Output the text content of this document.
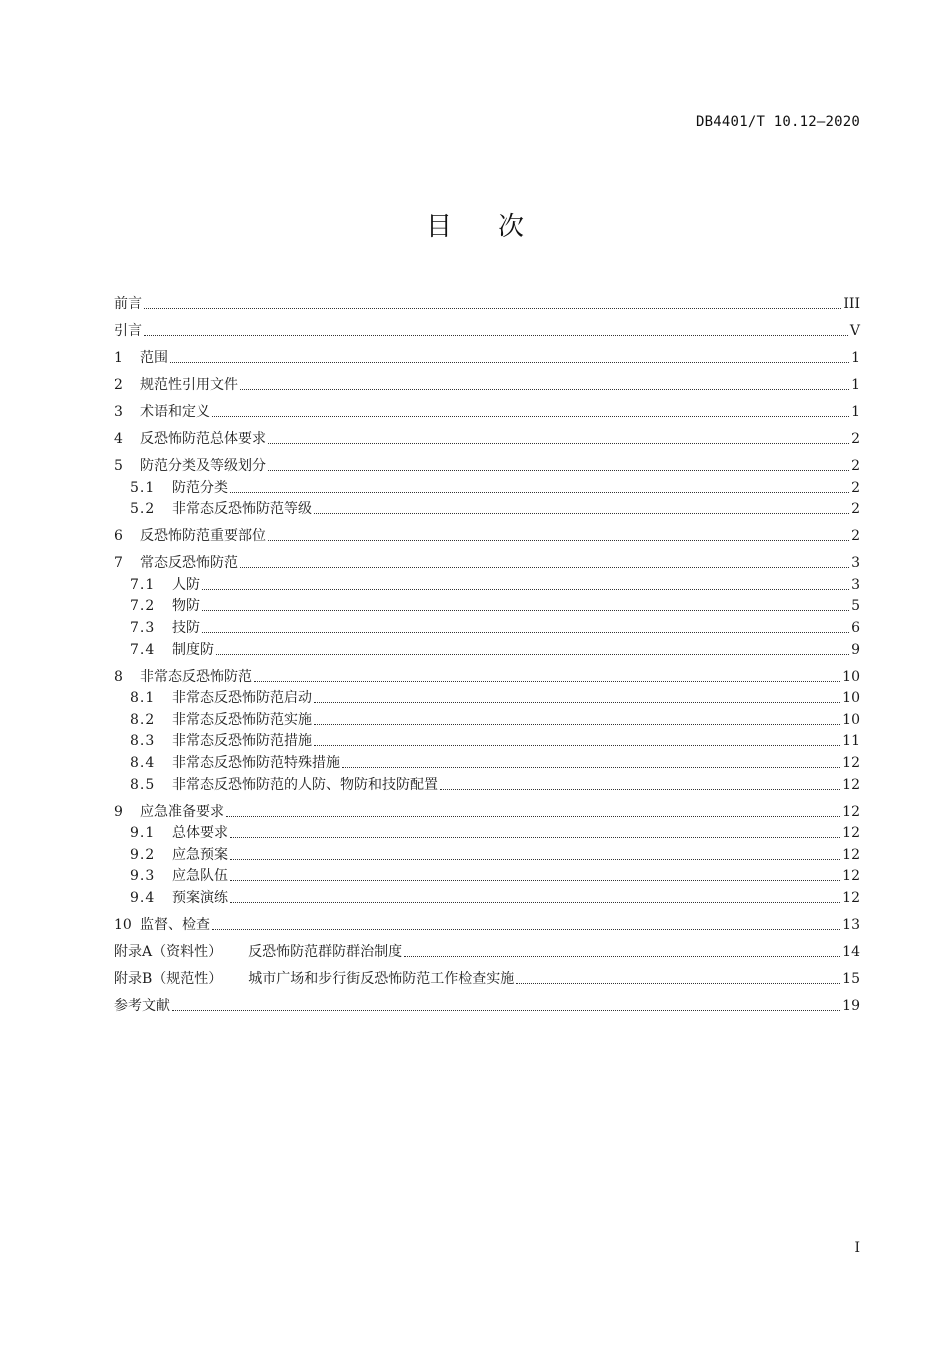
DB4401/T 10.12—2020
目次
前言	III
引言	V
1 范围	1
2 规范性引用文件	1
3 术语和定义	1
4 反恐怖防范总体要求	2
5 防范分类及等级划分	2
5.1 防范分类	2
5.2 非常态反恐怖防范等级	2
6 反恐怖防范重要部位	2
7 常态反恐怖防范	3
7.1 人防	3
7.2 物防	5
7.3 技防	6
7.4 制度防	9
8 非常态反恐怖防范	10
8.1 非常态反恐怖防范启动	10
8.2 非常态反恐怖防范实施	10
8.3 非常态反恐怖防范措施	11
8.4 非常态反恐怖防范特殊措施	12
8.5 非常态反恐怖防范的人防、物防和技防配置	12
9 应急准备要求	12
9.1 总体要求	12
9.2 应急预案	12
9.3 应急队伍	12
9.4 预案演练	12
10 监督、检查	13
附录A（资料性） 反恐怖防范群防群治制度	14
附录B（规范性） 城市广场和步行街反恐怖防范工作检查实施	15
参考文献	19
I
